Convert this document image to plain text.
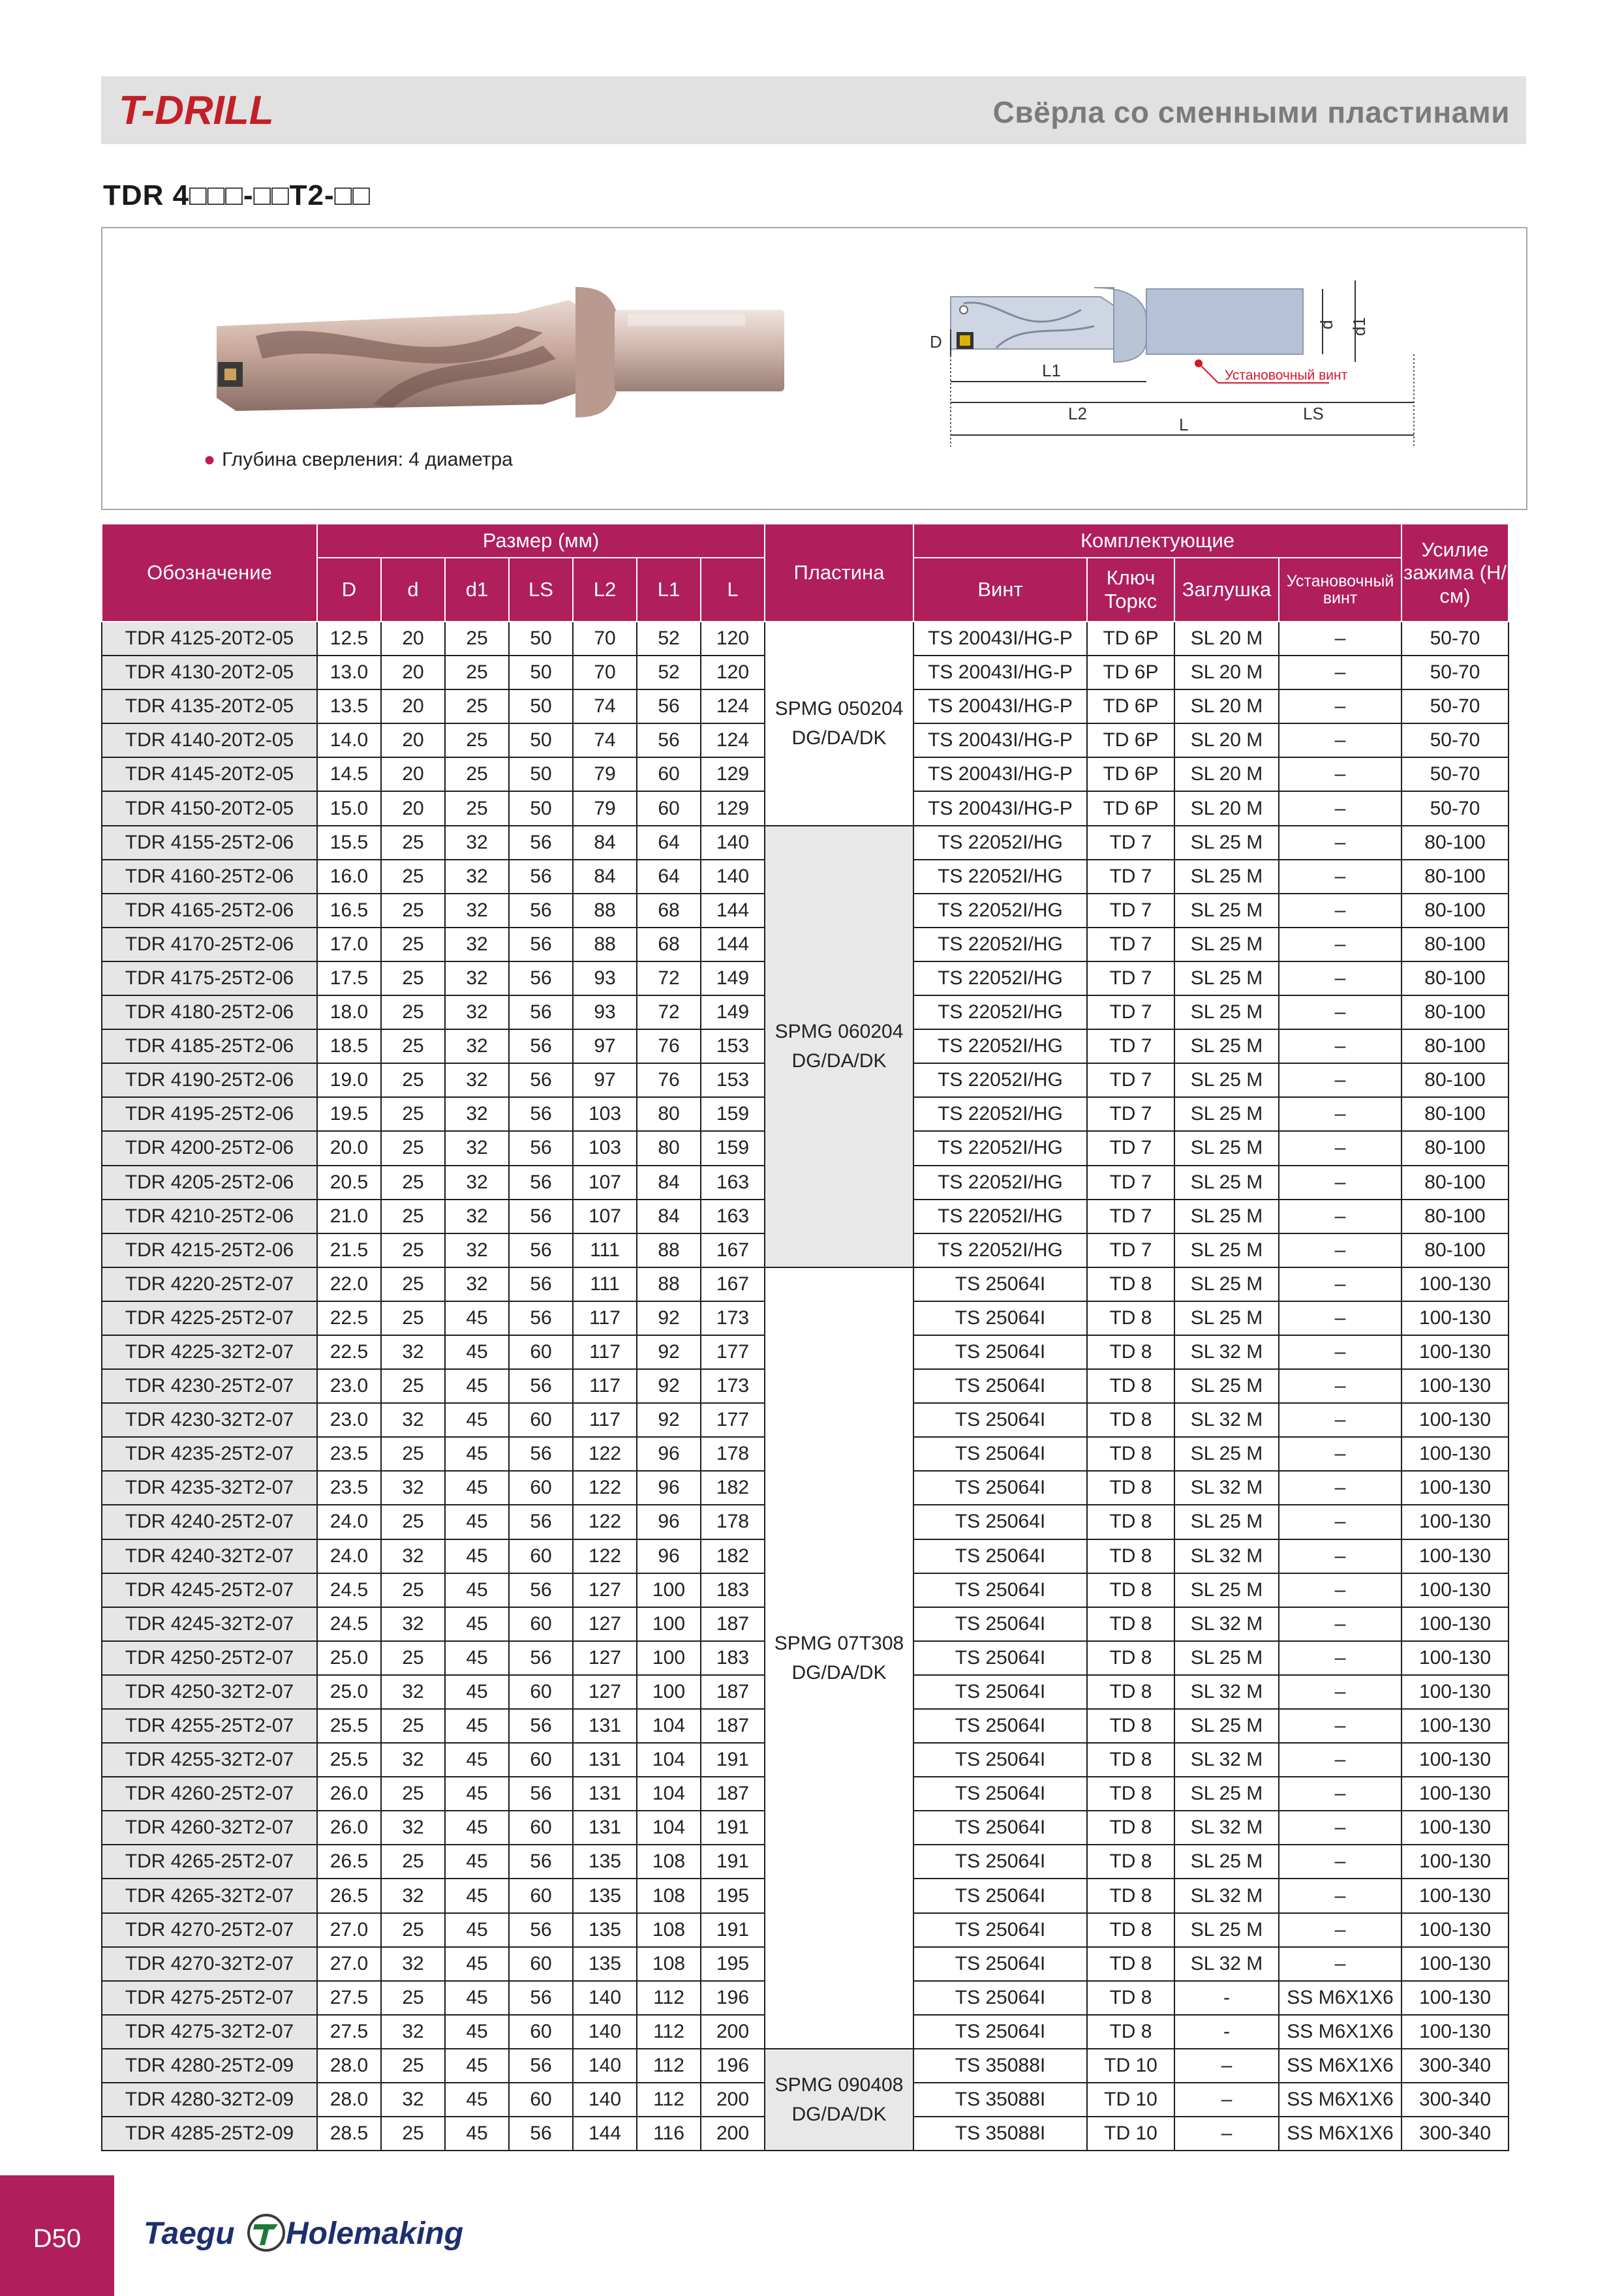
T-DRILL	Свёрла со сменными пластинами
TDR 4□□□-□□T2-□□
● Глубина сверления: 4 диаметра
D
d d1
L1
L2	LS
L
Установочный винт
Обозначение	Размер (мм)							Пластина	Комплектующие				Усилие зажима (Н/см)
	D	d	d1	LS	L2	L1	L		Винт	Ключ Торкс	Заглушка	Установочный винт	
TDR 4125-20T2-05	12.5	20	25	50	70	52	120	SPMG 050204 DG/DA/DK	TS 20043I/HG-P	TD 6P	SL 20 M	–	50-70
TDR 4130-20T2-05	13.0	20	25	50	70	52	120		TS 20043I/HG-P	TD 6P	SL 20 M	–	50-70
TDR 4135-20T2-05	13.5	20	25	50	74	56	124		TS 20043I/HG-P	TD 6P	SL 20 M	–	50-70
TDR 4140-20T2-05	14.0	20	25	50	74	56	124		TS 20043I/HG-P	TD 6P	SL 20 M	–	50-70
TDR 4145-20T2-05	14.5	20	25	50	79	60	129		TS 20043I/HG-P	TD 6P	SL 20 M	–	50-70
TDR 4150-20T2-05	15.0	20	25	50	79	60	129		TS 20043I/HG-P	TD 6P	SL 20 M	–	50-70
TDR 4155-25T2-06	15.5	25	32	56	84	64	140	SPMG 060204 DG/DA/DK	TS 22052I/HG	TD 7	SL 25 M	–	80-100
TDR 4160-25T2-06	16.0	25	32	56	84	64	140		TS 22052I/HG	TD 7	SL 25 M	–	80-100
TDR 4165-25T2-06	16.5	25	32	56	88	68	144		TS 22052I/HG	TD 7	SL 25 M	–	80-100
TDR 4170-25T2-06	17.0	25	32	56	88	68	144		TS 22052I/HG	TD 7	SL 25 M	–	80-100
TDR 4175-25T2-06	17.5	25	32	56	93	72	149		TS 22052I/HG	TD 7	SL 25 M	–	80-100
TDR 4180-25T2-06	18.0	25	32	56	93	72	149		TS 22052I/HG	TD 7	SL 25 M	–	80-100
TDR 4185-25T2-06	18.5	25	32	56	97	76	153		TS 22052I/HG	TD 7	SL 25 M	–	80-100
TDR 4190-25T2-06	19.0	25	32	56	97	76	153		TS 22052I/HG	TD 7	SL 25 M	–	80-100
TDR 4195-25T2-06	19.5	25	32	56	103	80	159		TS 22052I/HG	TD 7	SL 25 M	–	80-100
TDR 4200-25T2-06	20.0	25	32	56	103	80	159		TS 22052I/HG	TD 7	SL 25 M	–	80-100
TDR 4205-25T2-06	20.5	25	32	56	107	84	163		TS 22052I/HG	TD 7	SL 25 M	–	80-100
TDR 4210-25T2-06	21.0	25	32	56	107	84	163		TS 22052I/HG	TD 7	SL 25 M	–	80-100
TDR 4215-25T2-06	21.5	25	32	56	111	88	167		TS 22052I/HG	TD 7	SL 25 M	–	80-100
TDR 4220-25T2-07	22.0	25	32	56	111	88	167	SPMG 07T308 DG/DA/DK	TS 25064I	TD 8	SL 25 M	–	100-130
TDR 4225-25T2-07	22.5	25	45	56	117	92	173		TS 25064I	TD 8	SL 25 M	–	100-130
TDR 4225-32T2-07	22.5	32	45	60	117	92	177		TS 25064I	TD 8	SL 32 M	–	100-130
TDR 4230-25T2-07	23.0	25	45	56	117	92	173		TS 25064I	TD 8	SL 25 M	–	100-130
TDR 4230-32T2-07	23.0	32	45	60	117	92	177		TS 25064I	TD 8	SL 32 M	–	100-130
TDR 4235-25T2-07	23.5	25	45	56	122	96	178		TS 25064I	TD 8	SL 25 M	–	100-130
TDR 4235-32T2-07	23.5	32	45	60	122	96	182		TS 25064I	TD 8	SL 32 M	–	100-130
TDR 4240-25T2-07	24.0	25	45	56	122	96	178		TS 25064I	TD 8	SL 25 M	–	100-130
TDR 4240-32T2-07	24.0	32	45	60	122	96	182		TS 25064I	TD 8	SL 32 M	–	100-130
TDR 4245-25T2-07	24.5	25	45	56	127	100	183		TS 25064I	TD 8	SL 25 M	–	100-130
TDR 4245-32T2-07	24.5	32	45	60	127	100	187		TS 25064I	TD 8	SL 32 M	–	100-130
TDR 4250-25T2-07	25.0	25	45	56	127	100	183		TS 25064I	TD 8	SL 25 M	–	100-130
TDR 4250-32T2-07	25.0	32	45	60	127	100	187		TS 25064I	TD 8	SL 32 M	–	100-130
TDR 4255-25T2-07	25.5	25	45	56	131	104	187		TS 25064I	TD 8	SL 25 M	–	100-130
TDR 4255-32T2-07	25.5	32	45	60	131	104	191		TS 25064I	TD 8	SL 32 M	–	100-130
TDR 4260-25T2-07	26.0	25	45	56	131	104	187		TS 25064I	TD 8	SL 25 M	–	100-130
TDR 4260-32T2-07	26.0	32	45	60	131	104	191		TS 25064I	TD 8	SL 32 M	–	100-130
TDR 4265-25T2-07	26.5	25	45	56	135	108	191		TS 25064I	TD 8	SL 25 M	–	100-130
TDR 4265-32T2-07	26.5	32	45	60	135	108	195		TS 25064I	TD 8	SL 32 M	–	100-130
TDR 4270-25T2-07	27.0	25	45	56	135	108	191		TS 25064I	TD 8	SL 25 M	–	100-130
TDR 4270-32T2-07	27.0	32	45	60	135	108	195		TS 25064I	TD 8	SL 32 M	–	100-130
TDR 4275-25T2-07	27.5	25	45	56	140	112	196		TS 25064I	TD 8	-	SS M6X1X6	100-130
TDR 4275-32T2-07	27.5	32	45	60	140	112	200		TS 25064I	TD 8	-	SS M6X1X6	100-130
TDR 4280-25T2-09	28.0	25	45	56	140	112	196	SPMG 090408 DG/DA/DK	TS 35088I	TD 10	–	SS M6X1X6	300-340
TDR 4280-32T2-09	28.0	32	45	60	140	112	200		TS 35088I	TD 10	–	SS M6X1X6	300-340
TDR 4285-25T2-09	28.5	25	45	56	144	116	200		TS 35088I	TD 10	–	SS M6X1X6	300-340
D50	Taegu Holemaking
